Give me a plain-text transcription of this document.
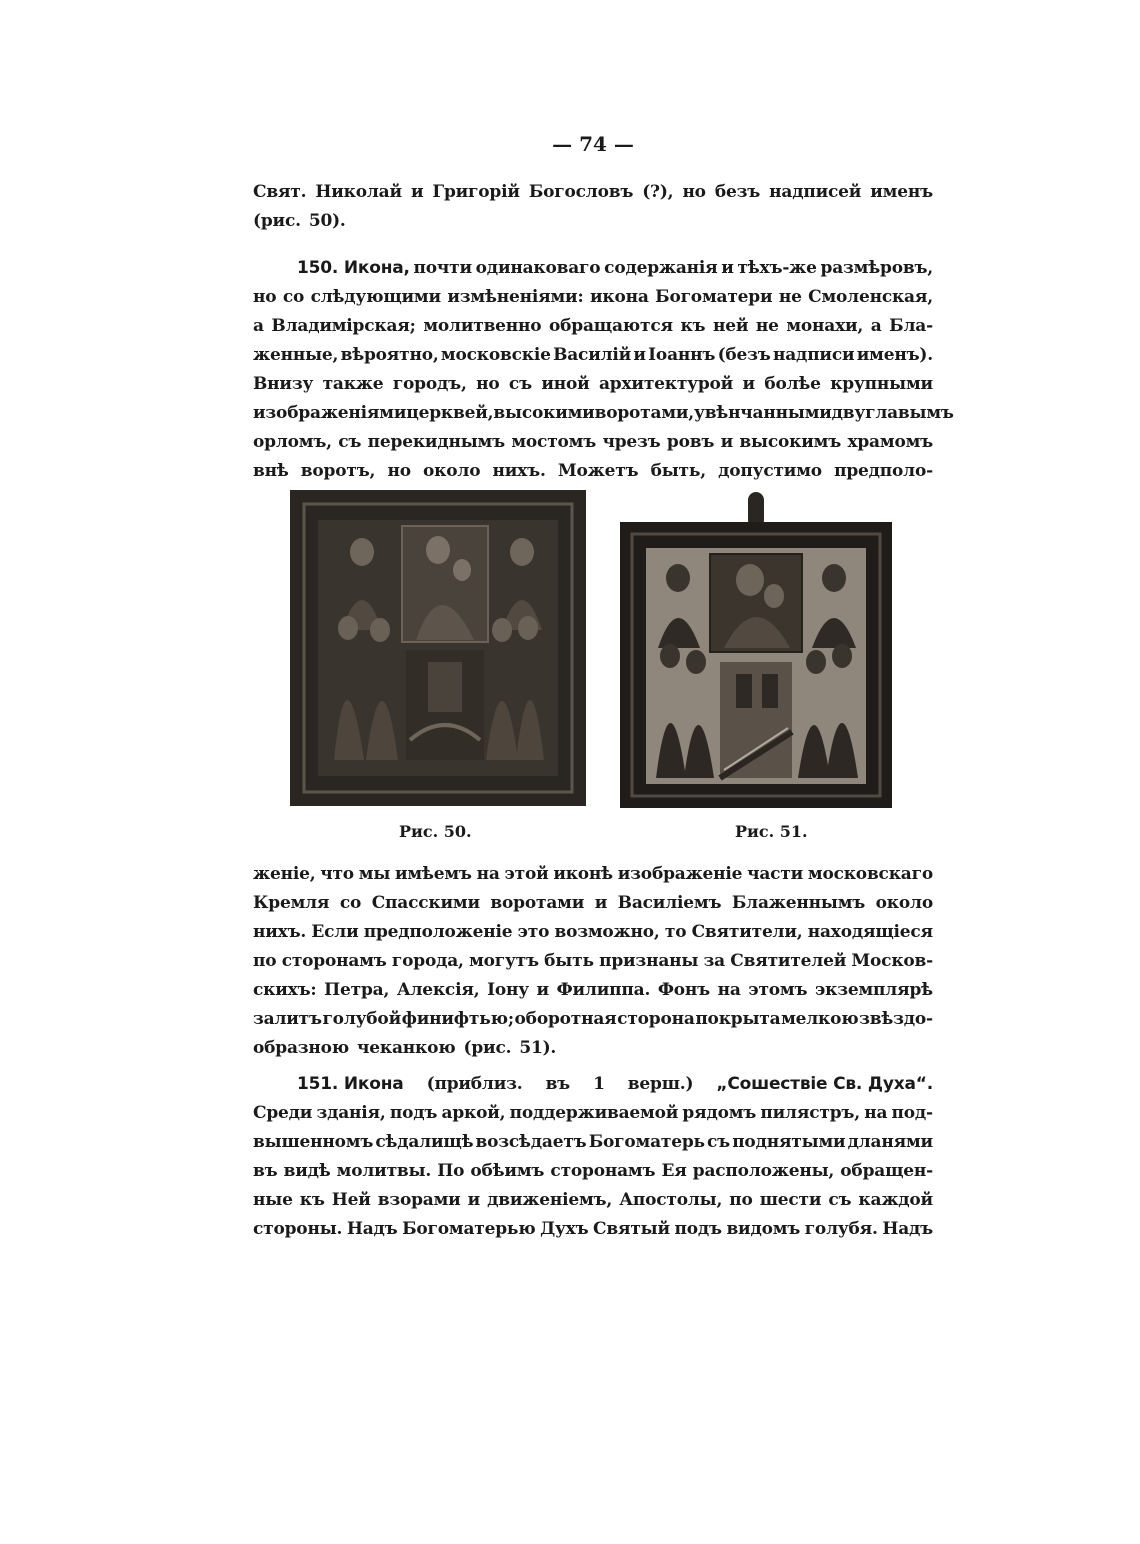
— 74 —
Свят. Николай и Григорій Богословъ (?), но безъ надписей именъ
(рис. 50).
150. Икона, почти одинаковаго содержанія и тѣхъ-же размѣровъ,
но со слѣдующими измѣненіями: икона Богоматери не Смоленская,
а Владимірская; молитвенно обращаются къ ней не монахи, а Бла-
женные, вѣроятно, московскіе Василій и Іоаннъ (безъ надписи именъ).
Внизу также городъ, но съ иной архитектурой и болѣе крупными
изображеніями церквей, высокими воротами, увѣнчанными двуглавымъ
орломъ, съ перекиднымъ мостомъ чрезъ ровъ и высокимъ храмомъ
внѣ воротъ, но около нихъ. Можетъ быть, допустимо предполо-
Рис. 50.	Рис. 51.
женіе, что мы имѣемъ на этой иконѣ изображеніе части московскаго
Кремля со Спасскими воротами и Василіемъ Блаженнымъ около
нихъ. Если предположеніе это возможно, то Святители, находящіеся
по сторонамъ города, могутъ быть признаны за Святителей Москов-
скихъ: Петра, Алексія, Іону и Филиппа. Фонъ на этомъ экземплярѣ
залитъ голубой финифтью; оборотная сторона покрыта мелкою звѣздо-
образною чеканкою (рис. 51).
151. Икона (приблиз. въ 1 верш.) „Сошествіе Св. Духа“.
Среди зданія, подъ аркой, поддерживаемой рядомъ пилястръ, на под-
вышенномъ сѣдалищѣ возсѣдаетъ Богоматерь съ поднятыми дланями
въ видѣ молитвы. По обѣимъ сторонамъ Ея расположены, обращен-
ные къ Ней взорами и движеніемъ, Апостолы, по шести съ каждой
стороны. Надъ Богоматерью Духъ Святый подъ видомъ голубя. Надъ
